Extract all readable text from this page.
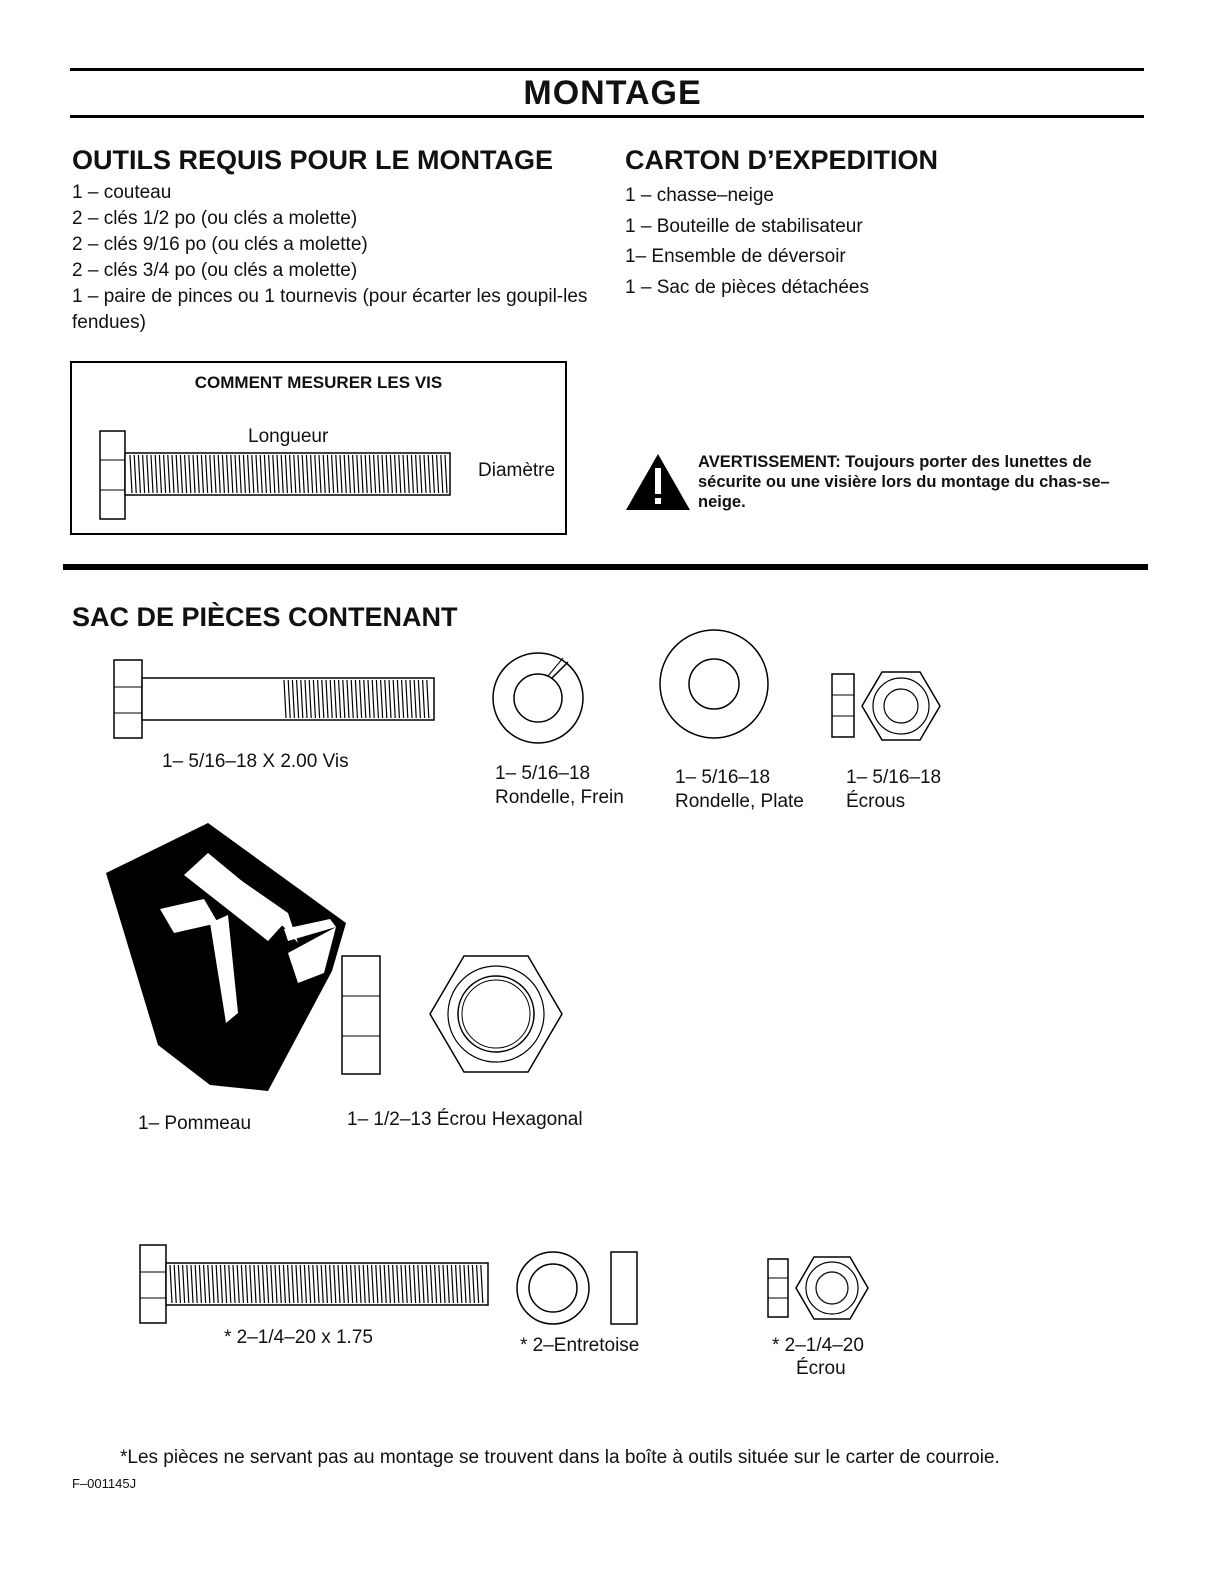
MONTAGE
OUTILS REQUIS POUR LE MONTAGE
1 – couteau
2 – clés 1/2 po (ou clés a molette)
2 – clés 9/16 po (ou clés a molette)
2 – clés 3/4 po (ou clés a molette)
1 – paire de pinces ou 1 tournevis (pour écarter les goupil-les fendues)
CARTON D’EXPEDITION
1 – chasse–neige
1 – Bouteille de stabilisateur
1– Ensemble de déversoir
1 – Sac de pièces détachées
COMMENT MESURER LES VIS
Longueur
Diamètre	AVERTISSEMENT: Toujours porter des lunettes de sécurite ou une visière lors du montage du chas-se–neige.
SAC DE PIÈCES CONTENANT
1– 5/16–18 X 2.00 Vis
1– 5/16–18
Rondelle, Frein
1– 5/16–18
Rondelle, Plate
1– 5/16–18
Écrous
1– Pommeau	1– 1/2–13 Écrou Hexagonal
* 2–1/4–20 x 1.75	* 2–Entretoise	* 2–1/4–20
Écrou
*Les pièces ne servant pas au montage se trouvent dans la boîte à outils située sur le carter de courroie.
F–001145J
